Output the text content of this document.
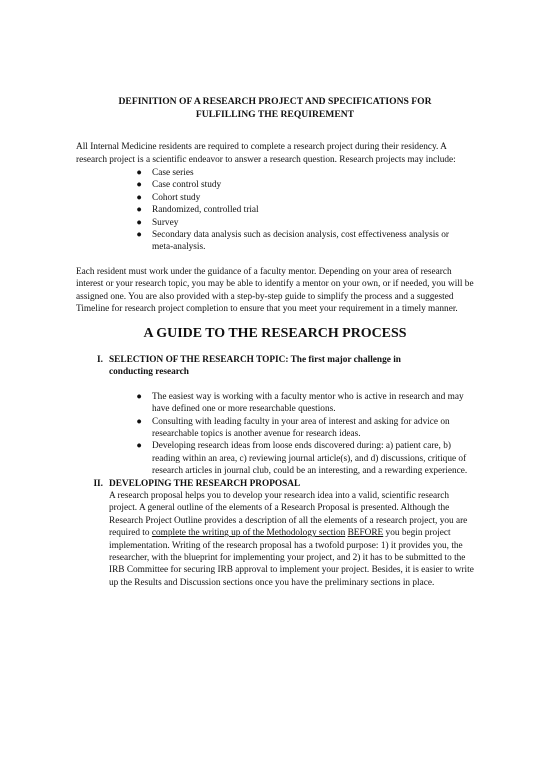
DEFINITION OF A RESEARCH PROJECT AND SPECIFICATIONS FOR
FULFILLING THE REQUIREMENT

All Internal Medicine residents are required to complete a research project during their residency. A research project is a scientific endeavor to answer a research question. Research projects may include:

● Case series
● Case control study
● Cohort study
● Randomized, controlled trial
● Survey
● Secondary data analysis such as decision analysis, cost effectiveness analysis or meta-analysis.

Each resident must work under the guidance of a faculty mentor. Depending on your area of research interest or your research topic, you may be able to identify a mentor on your own, or if needed, you will be assigned one. You are also provided with a step-by-step guide to simplify the process and a suggested Timeline for research project completion to ensure that you meet your requirement in a timely manner.

A GUIDE TO THE RESEARCH PROCESS
I. SELECTION OF THE RESEARCH TOPIC: The first major challenge in conducting research
● The easiest way is working with a faculty mentor who is active in research and may have defined one or more researchable questions.
● Consulting with leading faculty in your area of interest and asking for advice on researchable topics is another avenue for research ideas.
● Developing research ideas from loose ends discovered during: a) patient care, b) reading within an area, c) reviewing journal article(s), and d) discussions, critique of research articles in journal club, could be an interesting, and a rewarding experience.
II. DEVELOPING THE RESEARCH PROPOSAL

A research proposal helps you to develop your research idea into a valid, scientific research project. A general outline of the elements of a Research Proposal is presented. Although the Research Project Outline provides a description of all the elements of a research project, you are required to complete the writing up of the Methodology section BEFORE you begin project implementation. Writing of the research proposal has a twofold purpose: 1) it provides you, the researcher, with the blueprint for implementing your project, and 2) it has to be submitted to the IRB Committee for securing IRB approval to implement your project. Besides, it is easier to write up the Results and Discussion sections once you have the preliminary sections in place.
